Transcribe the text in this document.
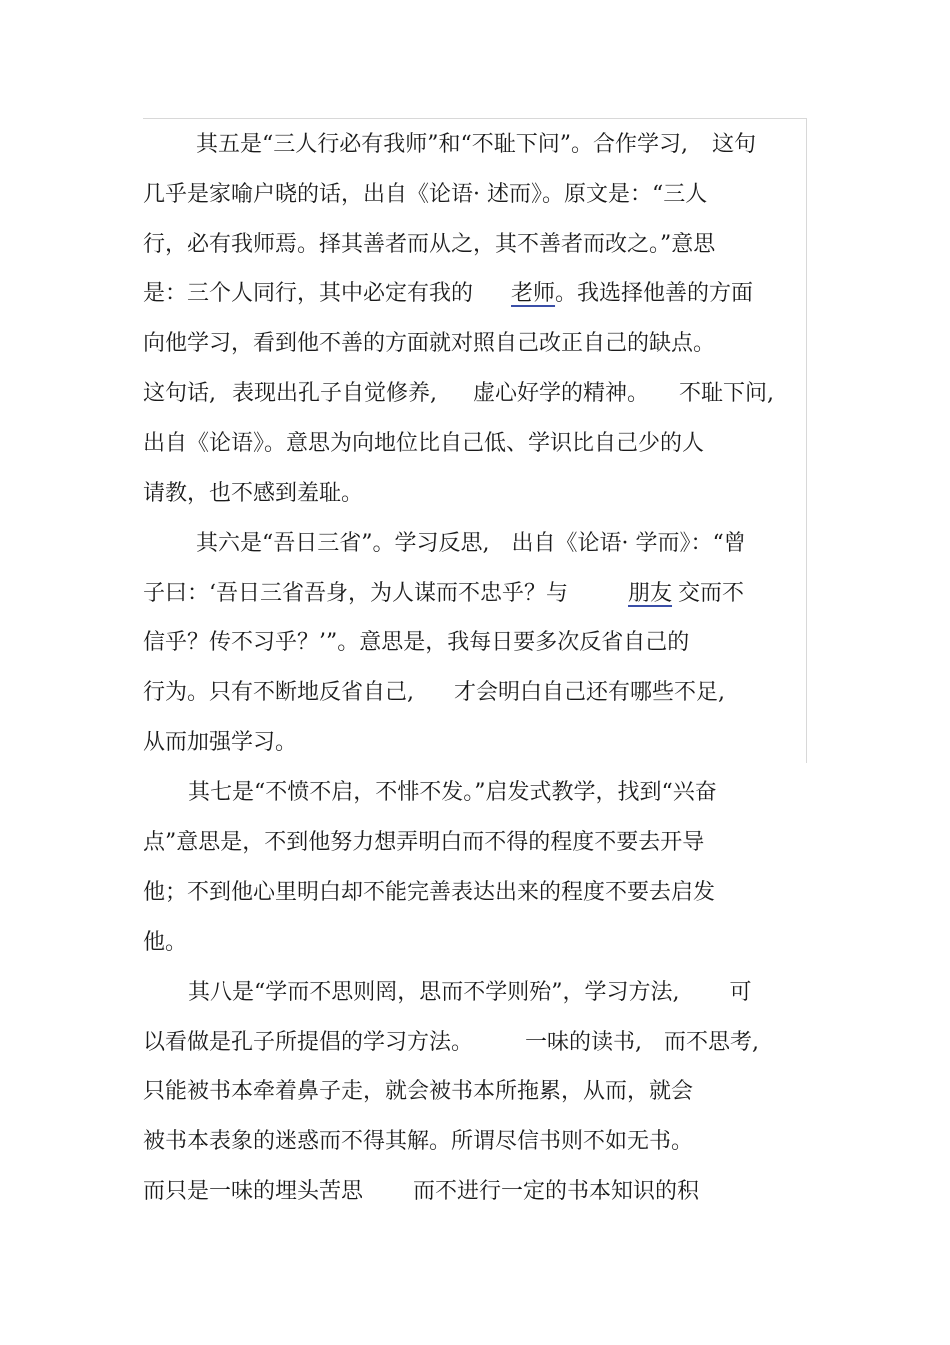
其五是“三人行必有我师”和“不耻下问”。合作学习, 这句
几乎是家喻户晓的话，出自《论语· 述而》。原文是：“三人
行，必有我师焉。择其善者而从之，其不善者而改之。”意思
是：三个人同行，其中必定有我的 老师。我选择他善的方面
向他学习，看到他不善的方面就对照自己改正自己的缺点。
这句话, 表现出孔子自觉修养, 虚心好学的精神。 不耻下问,
出自《论语》。意思为向地位比自己低、学识比自己少的人
请教，也不感到羞耻。
其六是“吾日三省”。学习反思, 出自《论语· 学而》：“曾
子曰：‘吾日三省吾身，为人谋而不忠乎？与	朋友 交而不
信乎？传不习乎？’”。意思是，我每日要多次反省自己的
行为。只有不断地反省自己, 才会明白自己还有哪些不足,
从而加强学习。
其七是“不愤不启，不悱不发。”启发式教学，找到“兴奋
点”意思是，不到他努力想弄明白而不得的程度不要去开导
他；不到他心里明白却不能完善表达出来的程度不要去启发
他。
其八是“学而不思则罔，思而不学则殆”，学习方法, 可
以看做是孔子所提倡的学习方法。 一味的读书, 而不思考,
只能被书本牵着鼻子走，就会被书本所拖累，从而，就会
被书本表象的迷惑而不得其解。所谓尽信书则不如无书。
而只是一味的埋头苦思 而不进行一定的书本知识的积
